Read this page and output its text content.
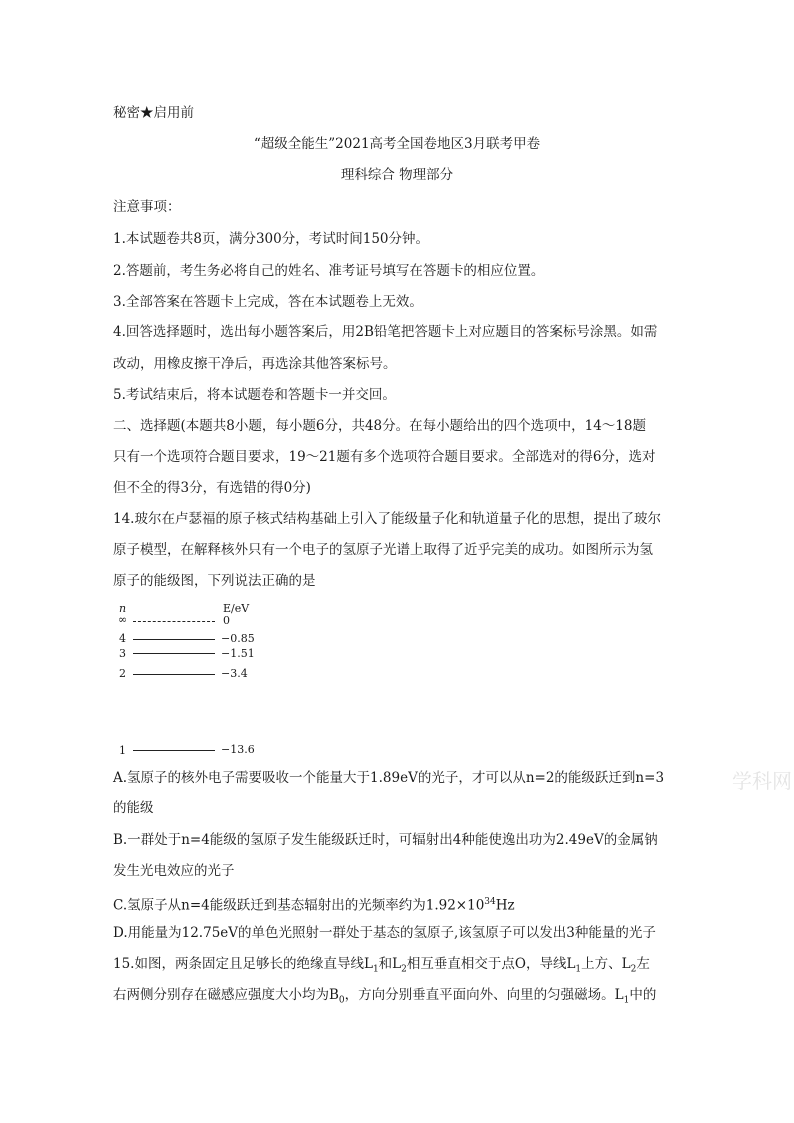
秘密★启用前
“超级全能生”2021高考全国卷地区3月联考甲卷
理科综合 物理部分
注意事项：
1.本试题卷共8页，满分300分，考试时间150分钟。
2.答题前，考生务必将自己的姓名、准考证号填写在答题卡的相应位置。
3.全部答案在答题卡上完成，答在本试题卷上无效。
4.回答选择题时，选出每小题答案后，用2B铅笔把答题卡上对应题目的答案标号涂黑。如需
改动，用橡皮擦干净后，再选涂其他答案标号。
5.考试结束后，将本试题卷和答题卡一并交回。
二、选择题(本题共8小题，每小题6分，共48分。在每小题给出的四个选项中，14～18题
只有一个选项符合题目要求，19～21题有多个选项符合题目要求。全部选对的得6分，选对
但不全的得3分，有选错的得0分)
14.玻尔在卢瑟福的原子核式结构基础上引入了能级量子化和轨道量子化的思想，提出了玻尔
原子模型，在解释核外只有一个电子的氢原子光谱上取得了近乎完美的成功。如图所示为氢
原子的能级图，下列说法正确的是
n	E/eV
∞	0
4	−0.85
3	−1.51
2	−3.4
1	−13.6
A.氢原子的核外电子需要吸收一个能量大于1.89eV的光子，才可以从n=2的能级跃迁到n=3
的能级
B.一群处于n=4能级的氢原子发生能级跃迁时，可辐射出4种能使逸出功为2.49eV的金属钠
发生光电效应的光子
C.氢原子从n=4能级跃迁到基态辐射出的光频率约为$1.92\times 10^{34}Hz$
D.用能量为12.75eV的单色光照射一群处于基态的氢原子,该氢原子可以发出3种能量的光子
15.如图，两条固定且足够长的绝缘直导线$L_1$和$L_2$相互垂直相交于点O，导线$L_1$上方、$L_2$左
右两侧分别存在磁感应强度大小均为$B_0$，方向分别垂直平面向外、向里的匀强磁场。$L_1$中的
学科网
